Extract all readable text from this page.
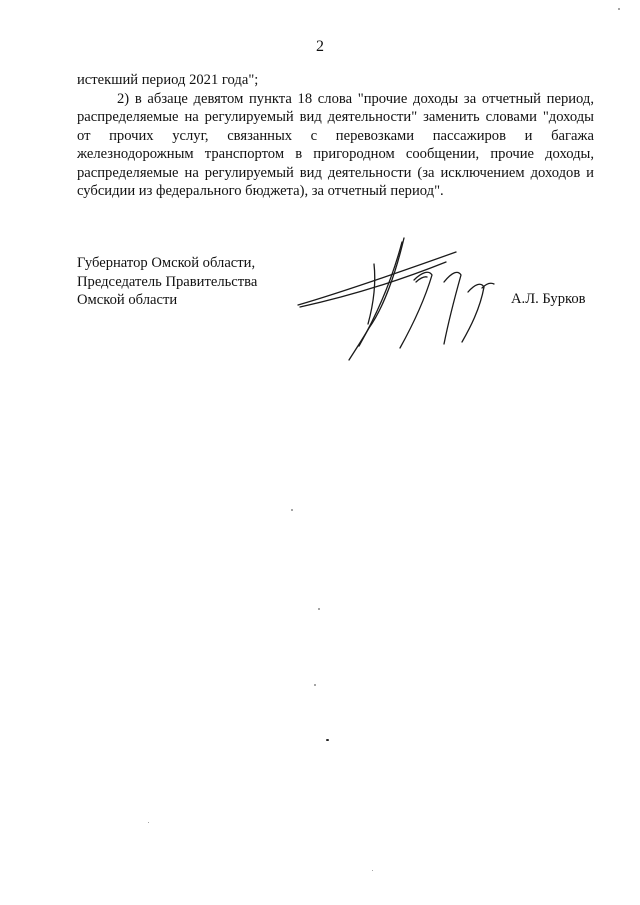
2

истекший период 2021 года";

2) в абзаце девятом пункта 18 слова "прочие доходы за отчетный период, распределяемые на регулируемый вид деятельности" заменить словами "доходы от прочих услуг, связанных с перевозками пассажиров и багажа железнодорожным транспортом в пригородном сообщении, прочие доходы, распределяемые на регулируемый вид деятельности (за исключением доходов и субсидии из федерального бюджета), за отчетный период".

Губернатор Омской области,
Председатель Правительства
Омской области	А.Л. Бурков
